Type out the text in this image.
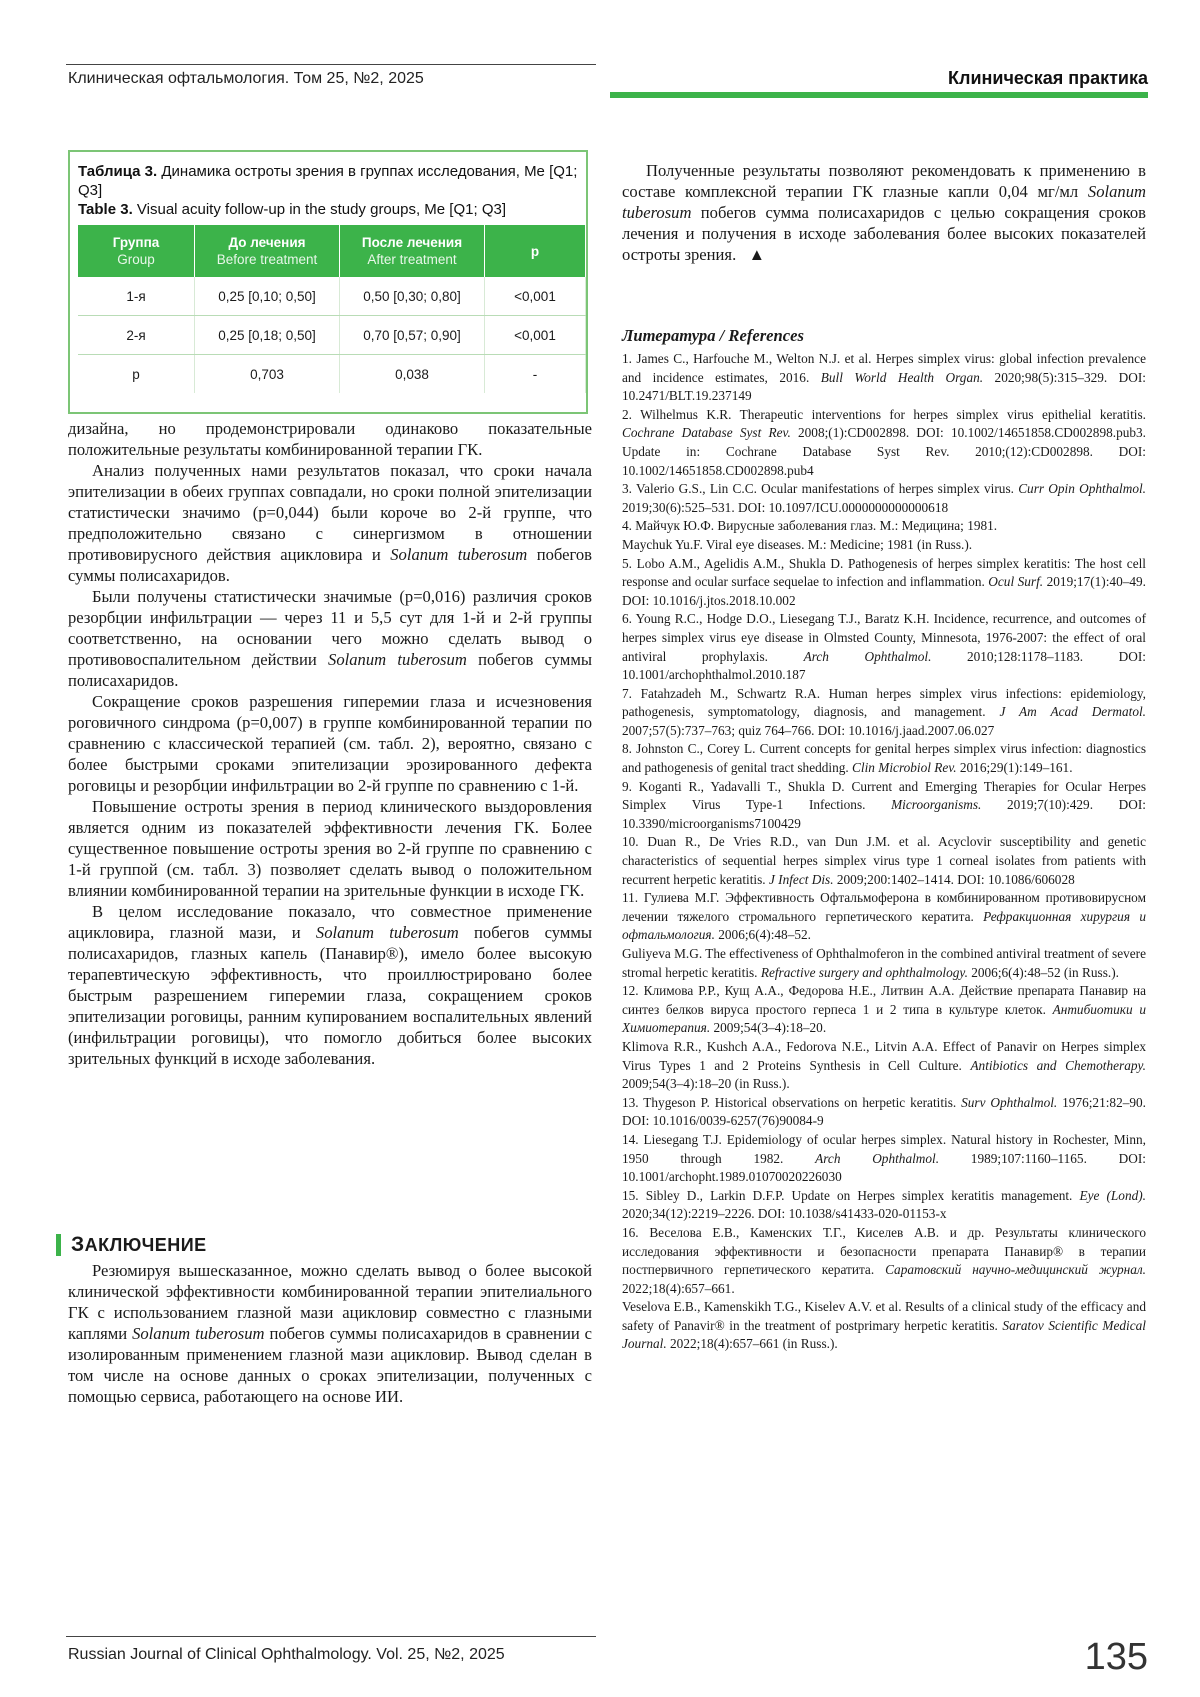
Клиническая офтальмология. Том 25, №2, 2025	Клиническая практика
Таблица 3. Динамика остроты зрения в группах исследования, Me [Q1; Q3]
Table 3. Visual acuity follow-up in the study groups, Me [Q1; Q3]
Группа
Group
	До лечения
Before treatment
	После лечения
After treatment
	p
1-я	0,25 [0,10; 0,50]	0,50 [0,30; 0,80]	<0,001
2-я	0,25 [0,18; 0,50]	0,70 [0,57; 0,90]	<0,001
p	0,703	0,038	-

дизайна, но продемонстрировали одинаково показательные положительные результаты комбинированной терапии ГК.

Анализ полученных нами результатов показал, что сроки начала эпителизации в обеих группах совпадали, но сроки полной эпителизации статистически значимо (p=0,044) были короче во 2-й группе, что предположительно связано с синергизмом в отношении противовирусного действия ацикловира и Solanum tuberosum побегов суммы полисахаридов.

Были получены статистически значимые (p=0,016) различия сроков резорбции инфильтрации — через 11 и 5,5 сут для 1-й и 2-й группы соответственно, на основании чего можно сделать вывод о противовоспалительном действии Solanum tuberosum побегов суммы полисахаридов.

Сокращение сроков разрешения гиперемии глаза и исчезновения роговичного синдрома (p=0,007) в группе комбинированной терапии по сравнению с классической терапией (см. табл. 2), вероятно, связано с более быстрыми сроками эпителизации эрозированного дефекта роговицы и резорбции инфильтрации во 2-й группе по сравнению с 1-й.

Повышение остроты зрения в период клинического выздоровления является одним из показателей эффективности лечения ГК. Более существенное повышение остроты зрения во 2-й группе по сравнению с 1-й группой (см. табл. 3) позволяет сделать вывод о положительном влиянии комбинированной терапии на зрительные функции в исходе ГК.

В целом исследование показало, что совместное применение ацикловира, глазной мази, и Solanum tuberosum побегов суммы полисахаридов, глазных капель (Панавир®), имело более высокую терапевтическую эффективность, что проиллюстрировано более быстрым разрешением гиперемии глаза, сокращением сроков эпителизации роговицы, ранним купированием воспалительных явлений (инфильтрации роговицы), что помогло добиться более высоких зрительных функций в исходе заболевания.

ЗАКЛЮЧЕНИЕ

Резюмируя вышесказанное, можно сделать вывод о более высокой клинической эффективности комбинированной терапии эпителиального ГК с использованием глазной мази ацикловир совместно с глазными каплями Solanum tuberosum побегов суммы полисахаридов в сравнении с изолированным применением глазной мази ацикловир. Вывод сделан в том числе на основе данных о сроках эпителизации, полученных с помощью сервиса, работающего на основе ИИ.

Полученные результаты позволяют рекомендовать к применению в составе комплексной терапии ГК глазные капли 0,04 мг/мл Solanum tuberosum побегов сумма полисахаридов с целью сокращения сроков лечения и получения в исходе заболевания более высоких показателей остроты зрения. ▲

Литература / References
1. James C., Harfouche M., Welton N.J. et al. Herpes simplex virus: global infection prevalence and incidence estimates, 2016. Bull World Health Organ. 2020;98(5):315–329. DOI: 10.2471/BLT.19.237149
2. Wilhelmus K.R. Therapeutic interventions for herpes simplex virus epithelial keratitis. Cochrane Database Syst Rev. 2008;(1):CD002898. DOI: 10.1002/14651858.CD002898.pub3. Update in: Cochrane Database Syst Rev. 2010;(12):CD002898. DOI: 10.1002/14651858.CD002898.pub4
3. Valerio G.S., Lin C.C. Ocular manifestations of herpes simplex virus. Curr Opin Ophthalmol. 2019;30(6):525–531. DOI: 10.1097/ICU.0000000000000618
4. Майчук Ю.Ф. Вирусные заболевания глаз. М.: Медицина; 1981.
Maychuk Yu.F. Viral eye diseases. M.: Medicine; 1981 (in Russ.).
5. Lobo A.M., Agelidis A.M., Shukla D. Pathogenesis of herpes simplex keratitis: The host cell response and ocular surface sequelae to infection and inflammation. Ocul Surf. 2019;17(1):40–49. DOI: 10.1016/j.jtos.2018.10.002
6. Young R.C., Hodge D.O., Liesegang T.J., Baratz K.H. Incidence, recurrence, and outcomes of herpes simplex virus eye disease in Olmsted County, Minnesota, 1976-2007: the effect of oral antiviral prophylaxis. Arch Ophthalmol. 2010;128:1178–1183. DOI: 10.1001/archophthalmol.2010.187
7. Fatahzadeh M., Schwartz R.A. Human herpes simplex virus infections: epidemiology, pathogenesis, symptomatology, diagnosis, and management. J Am Acad Dermatol. 2007;57(5):737–763; quiz 764–766. DOI: 10.1016/j.jaad.2007.06.027
8. Johnston C., Corey L. Current concepts for genital herpes simplex virus infection: diagnostics and pathogenesis of genital tract shedding. Clin Microbiol Rev. 2016;29(1):149–161.
9. Koganti R., Yadavalli T., Shukla D. Current and Emerging Therapies for Ocular Herpes Simplex Virus Type-1 Infections. Microorganisms. 2019;7(10):429. DOI: 10.3390/microorganisms7100429
10. Duan R., De Vries R.D., van Dun J.M. et al. Acyclovir susceptibility and genetic characteristics of sequential herpes simplex virus type 1 corneal isolates from patients with recurrent herpetic keratitis. J Infect Dis. 2009;200:1402–1414. DOI: 10.1086/606028
11. Гулиева М.Г. Эффективность Офтальмоферона в комбинированном противовирусном лечении тяжелого стромального герпетического кератита. Рефракционная хирургия и офтальмология. 2006;6(4):48–52.
Guliyeva M.G. The effectiveness of Ophthalmoferon in the combined antiviral treatment of severe stromal herpetic keratitis. Refractive surgery and ophthalmology. 2006;6(4):48–52 (in Russ.).
12. Климова Р.Р., Кущ А.А., Федорова Н.Е., Литвин А.А. Действие препарата Панавир на синтез белков вируса простого герпеса 1 и 2 типа в культуре клеток. Антибиотики и Химиотерапия. 2009;54(3–4):18–20.
Klimova R.R., Kushch A.A., Fedorova N.E., Litvin A.A. Effect of Panavir on Herpes simplex Virus Types 1 and 2 Proteins Synthesis in Cell Culture. Antibiotics and Chemotherapy. 2009;54(3–4):18–20 (in Russ.).
13. Thygeson P. Historical observations on herpetic keratitis. Surv Ophthalmol. 1976;21:82–90. DOI: 10.1016/0039-6257(76)90084-9
14. Liesegang T.J. Epidemiology of ocular herpes simplex. Natural history in Rochester, Minn, 1950 through 1982. Arch Ophthalmol. 1989;107:1160–1165. DOI: 10.1001/archopht.1989.01070020226030
15. Sibley D., Larkin D.F.P. Update on Herpes simplex keratitis management. Eye (Lond). 2020;34(12):2219–2226. DOI: 10.1038/s41433-020-01153-x
16. Веселова Е.В., Каменских Т.Г., Киселев А.В. и др. Результаты клинического исследования эффективности и безопасности препарата Панавир® в терапии постпервичного герпетического кератита. Саратовский научно-медицинский журнал. 2022;18(4):657–661.
Veselova E.B., Kamenskikh T.G., Kiselev A.V. et al. Results of a clinical study of the efficacy and safety of Panavir® in the treatment of postprimary herpetic keratitis. Saratov Scientific Medical Journal. 2022;18(4):657–661 (in Russ.).
Russian Journal of Clinical Ophthalmology. Vol. 25, №2, 2025	135
